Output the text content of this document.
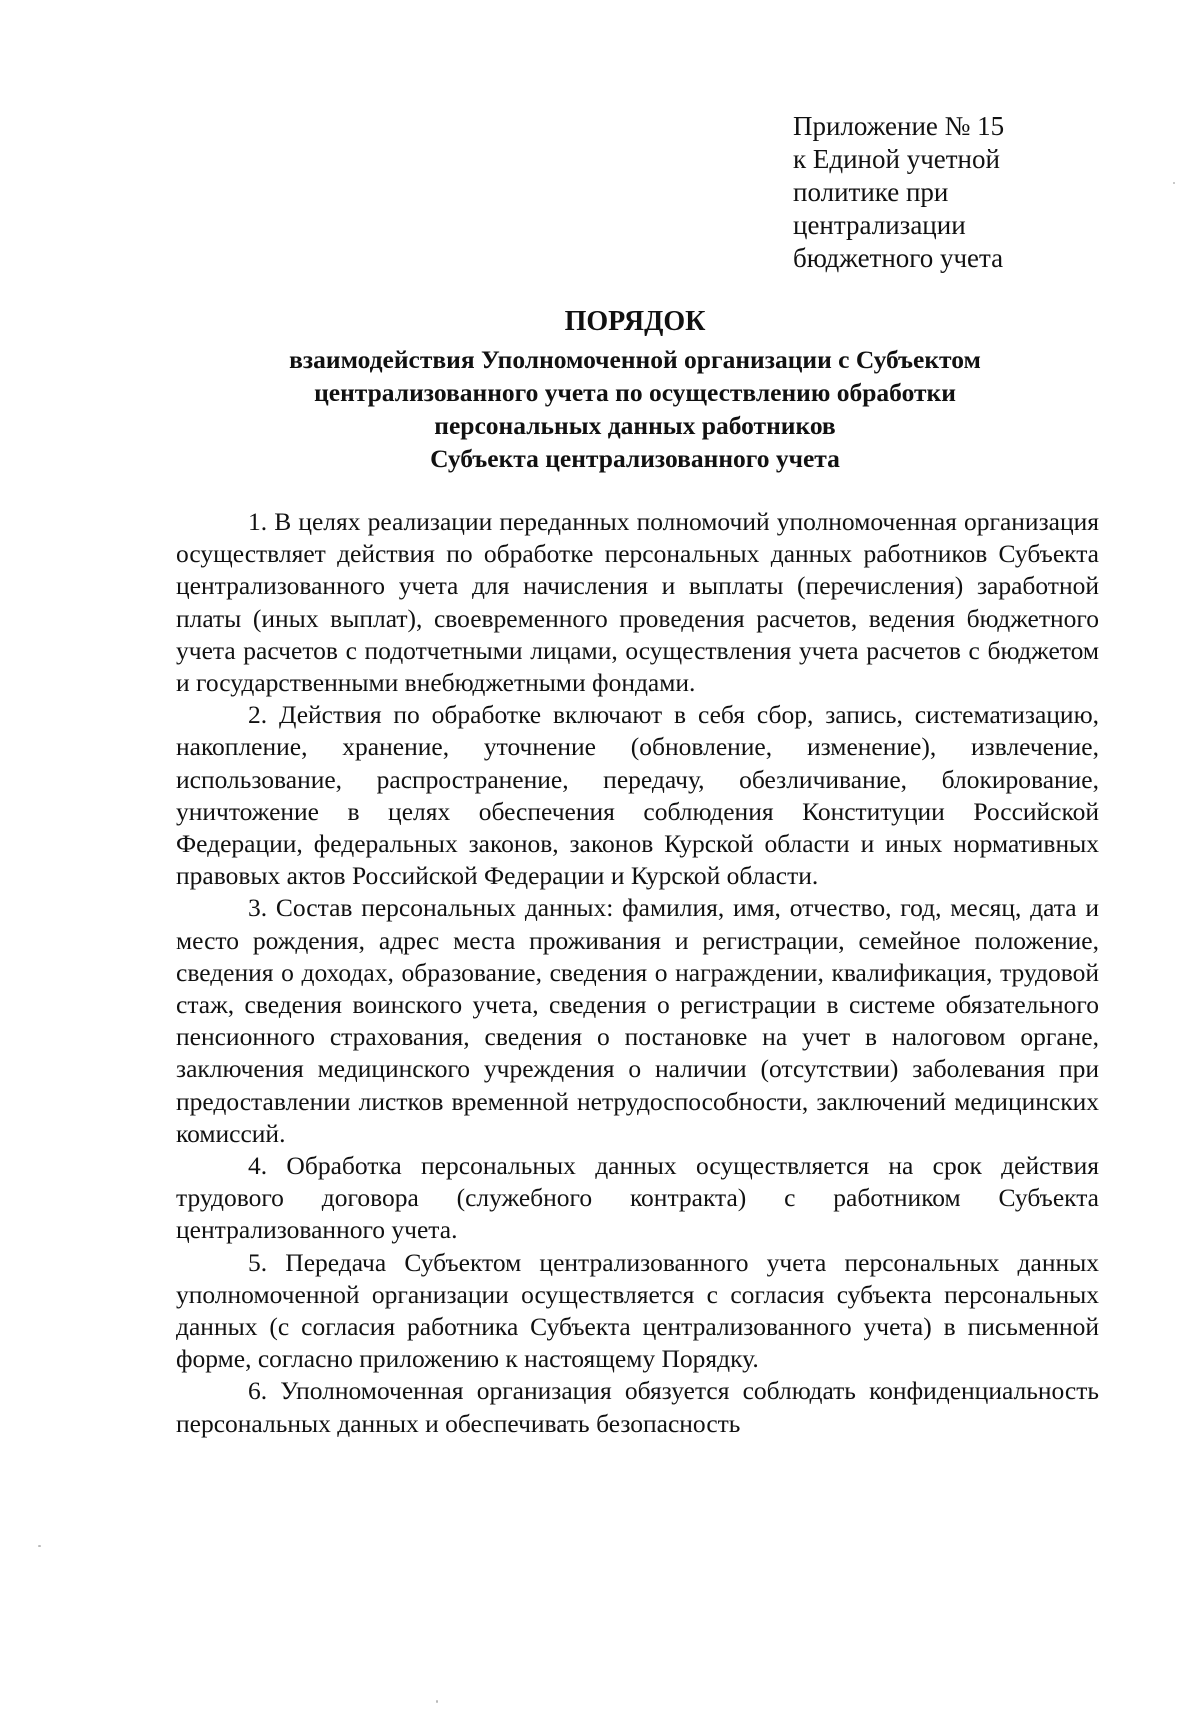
Приложение № 15
к Единой учетной
политике при
централизации
бюджетного учета
ПОРЯДОК
взаимодействия Уполномоченной организации с Субъектом
централизованного учета по осуществлению обработки
персональных данных работников
Субъекта централизованного учета

1. В целях реализации переданных полномочий уполномоченная организация осуществляет действия по обработке персональных данных работников Субъекта централизованного учета для начисления и выплаты (перечисления) заработной платы (иных выплат), своевременного проведения расчетов, ведения бюджетного учета расчетов с подотчетными лицами, осуществления учета расчетов с бюджетом и государственными внебюджетными фондами.

2. Действия по обработке включают в себя сбор, запись, систематизацию, накопление, хранение, уточнение (обновление, изменение), извлечение, использование, распространение, передачу, обезличивание, блокирование, уничтожение в целях обеспечения соблюдения Конституции Российской Федерации, федеральных законов, законов Курской области и иных нормативных правовых актов Российской Федерации и Курской области.

3. Состав персональных данных: фамилия, имя, отчество, год, месяц, дата и место рождения, адрес места проживания и регистрации, семейное положение, сведения о доходах, образование, сведения о награждении, квалификация, трудовой стаж, сведения воинского учета, сведения о регистрации в системе обязательного пенсионного страхования, сведения о постановке на учет в налоговом органе, заключения медицинского учреждения о наличии (отсутствии) заболевания при предоставлении листков временной нетрудоспособности, заключений медицинских комиссий.

4. Обработка персональных данных осуществляется на срок действия трудового договора (служебного контракта) с работником Субъекта централизованного учета.

5. Передача Субъектом централизованного учета персональных данных уполномоченной организации осуществляется с согласия субъекта персональных данных (с согласия работника Субъекта централизованного учета) в письменной форме, согласно приложению к настоящему Порядку.

6. Уполномоченная организация обязуется соблюдать конфиденциальность персональных данных и обеспечивать безопасность
